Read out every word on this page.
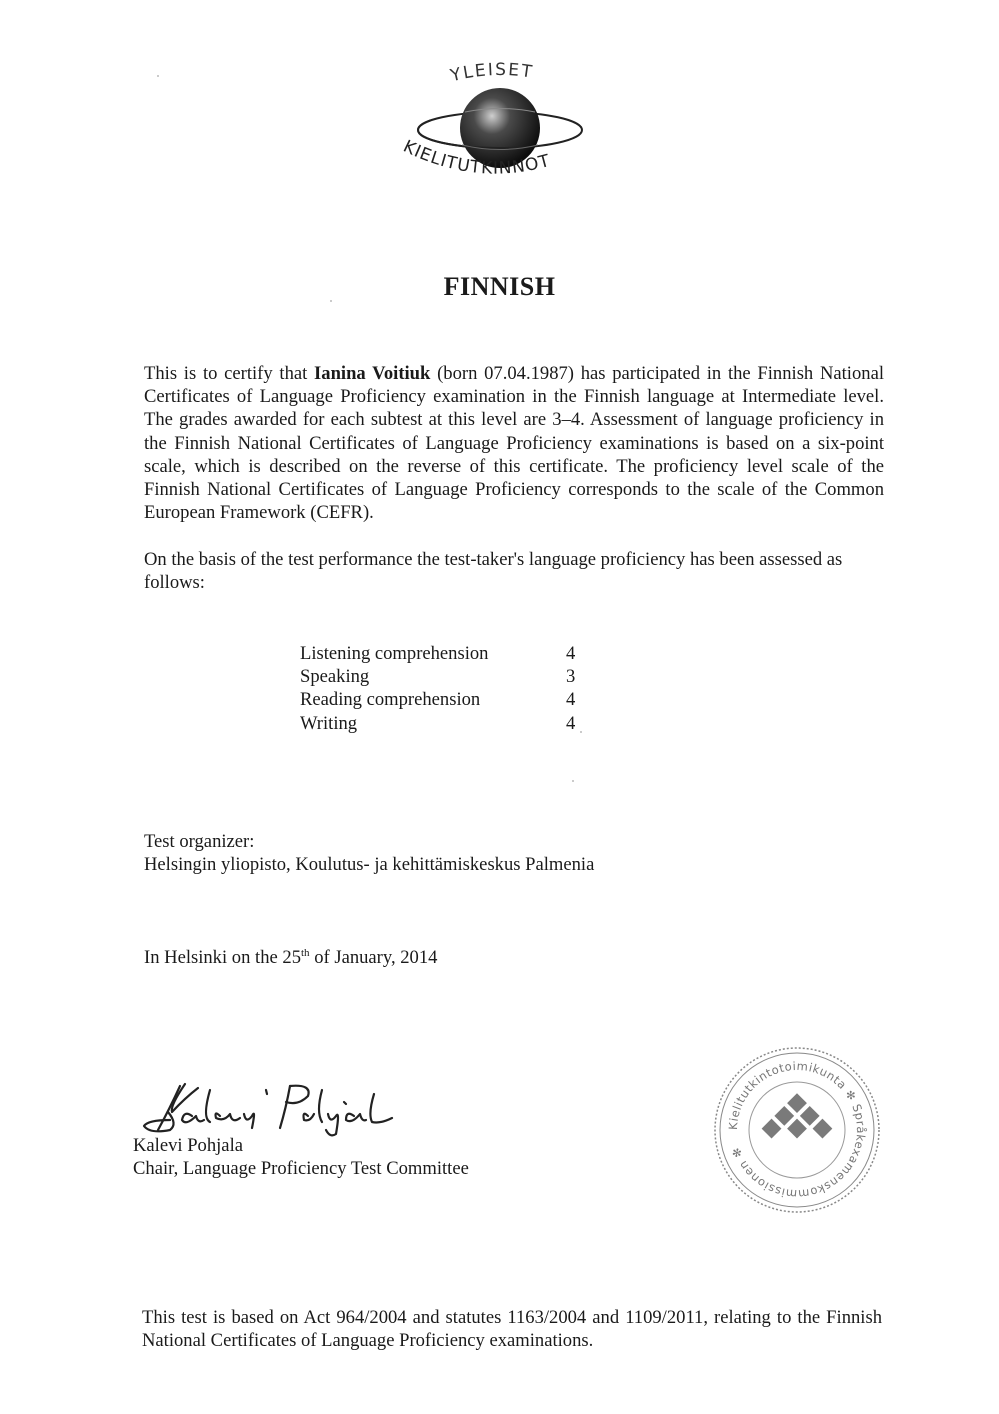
YLEISET
KIELITUTKINNOT
FINNISH
This is to certify that Ianina Voitiuk (born 07.04.1987) has participated in the Finnish National Certificates of Language Proficiency examination in the Finnish language at Intermediate level. The grades awarded for each subtest at this level are 3–4. Assessment of language proficiency in the Finnish National Certificates of Language Proficiency examinations is based on a six-point scale, which is described on the reverse of this certificate. The proficiency level scale of the Finnish National Certificates of Language Proficiency corresponds to the scale of the Common European Framework (CEFR).
On the basis of the test performance the test-taker's language proficiency has been assessed as follows:
Listening comprehension	4
Speaking	3
Reading comprehension	4
Writing	4
Test organizer:
Helsingin yliopisto, Koulutus- ja kehittämiskeskus Palmenia
In Helsinki on the 25th of January, 2014
Kalevi Pohjala
Chair, Language Proficiency Test Committee
Kielitutkintotoimikunta ✻ Språkexamenskommissionen ✻
This test is based on Act 964/2004 and statutes 1163/2004 and 1109/2011, relating to the Finnish National Certificates of Language Proficiency examinations.
